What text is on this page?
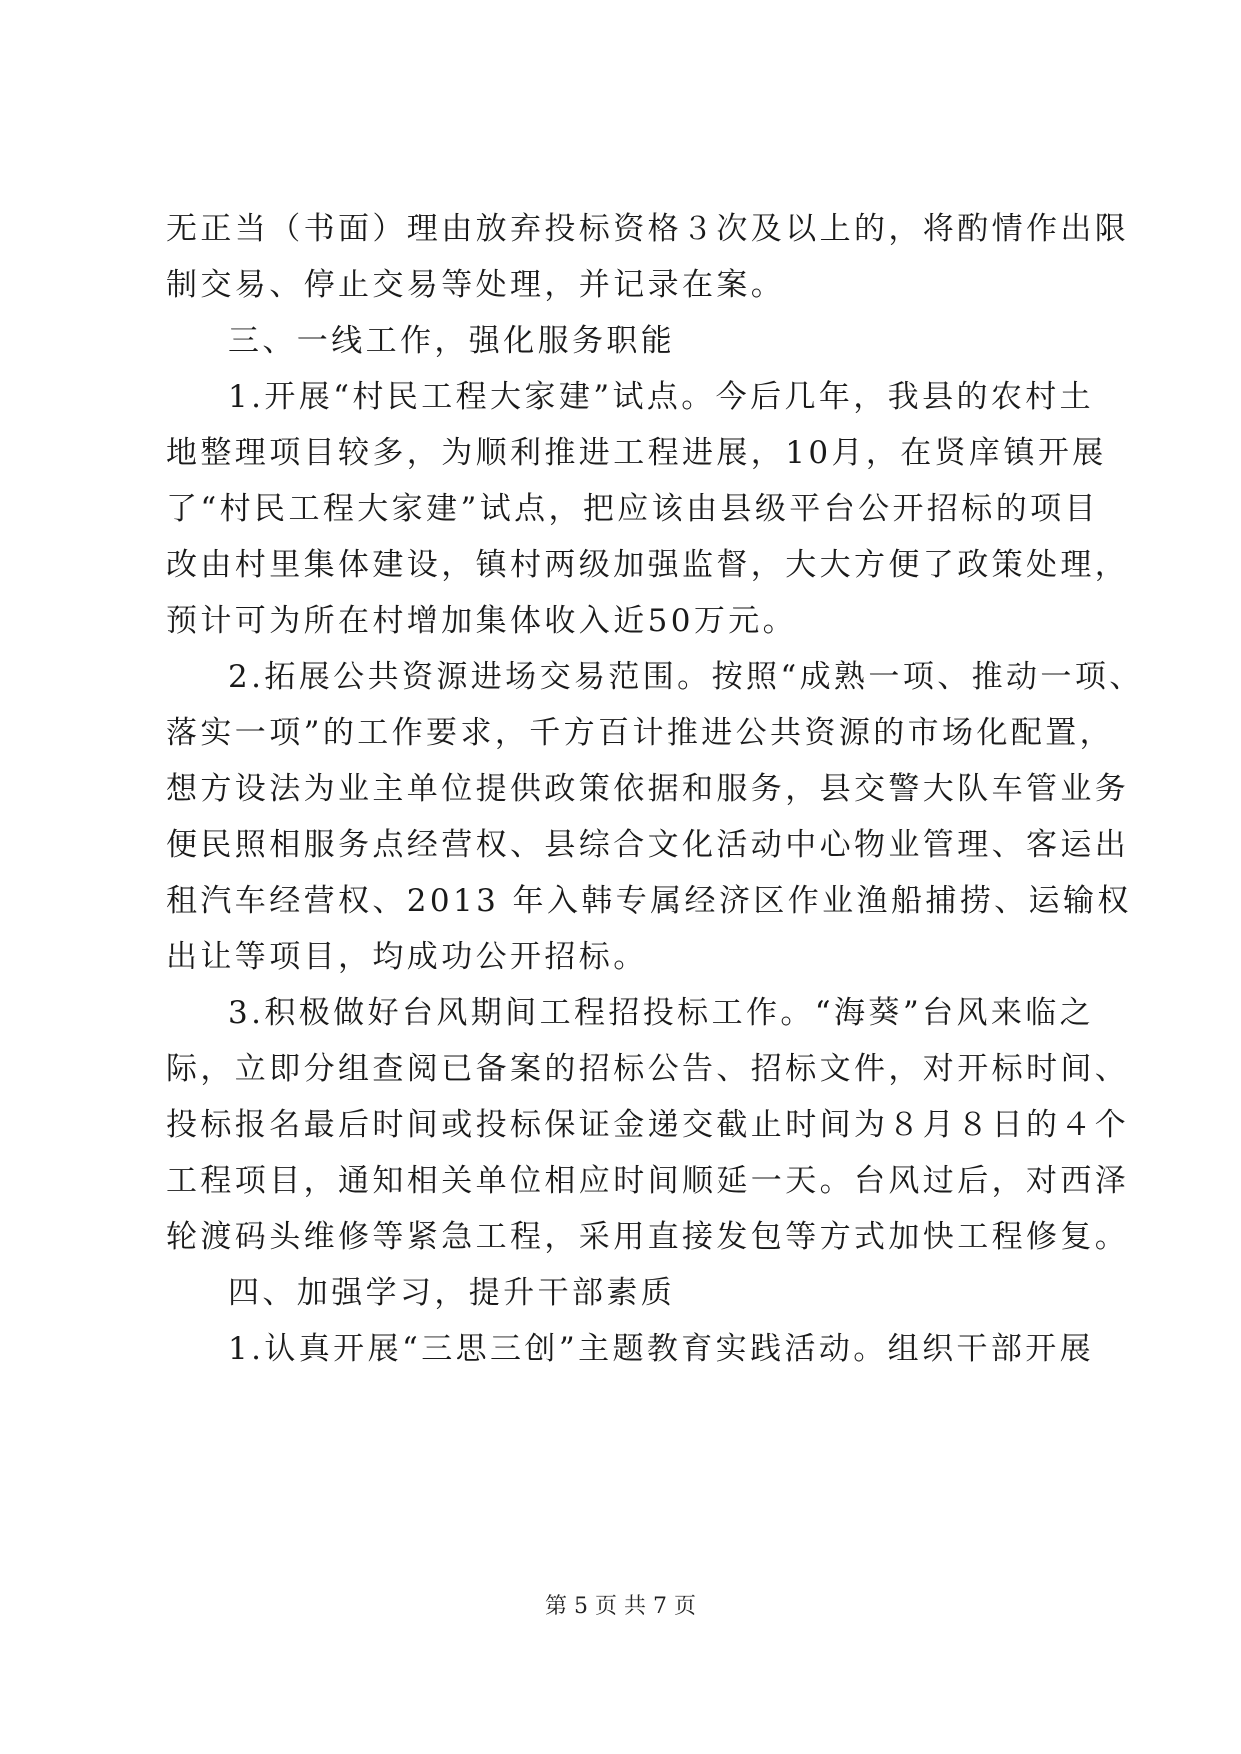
无正当（书面）理由放弃投标资格３次及以上的，将酌情作出限
制交易、停止交易等处理，并记录在案。
三、一线工作，强化服务职能
1.开展“村民工程大家建”试点。今后几年，我县的农村土
地整理项目较多，为顺利推进工程进展，10月，在贤庠镇开展
了“村民工程大家建”试点，把应该由县级平台公开招标的项目
改由村里集体建设，镇村两级加强监督，大大方便了政策处理，
预计可为所在村增加集体收入近50万元。
2.拓展公共资源进场交易范围。按照“成熟一项、推动一项、
落实一项”的工作要求，千方百计推进公共资源的市场化配置，
想方设法为业主单位提供政策依据和服务，县交警大队车管业务
便民照相服务点经营权、县综合文化活动中心物业管理、客运出
租汽车经营权、2013 年入韩专属经济区作业渔船捕捞、运输权
出让等项目，均成功公开招标。
3.积极做好台风期间工程招投标工作。“海葵”台风来临之
际，立即分组查阅已备案的招标公告、招标文件，对开标时间、
投标报名最后时间或投标保证金递交截止时间为８月８日的４个
工程项目，通知相关单位相应时间顺延一天。台风过后，对西泽
轮渡码头维修等紧急工程，采用直接发包等方式加快工程修复。
四、加强学习，提升干部素质
1.认真开展“三思三创”主题教育实践活动。组织干部开展
第 5 页 共 7 页
